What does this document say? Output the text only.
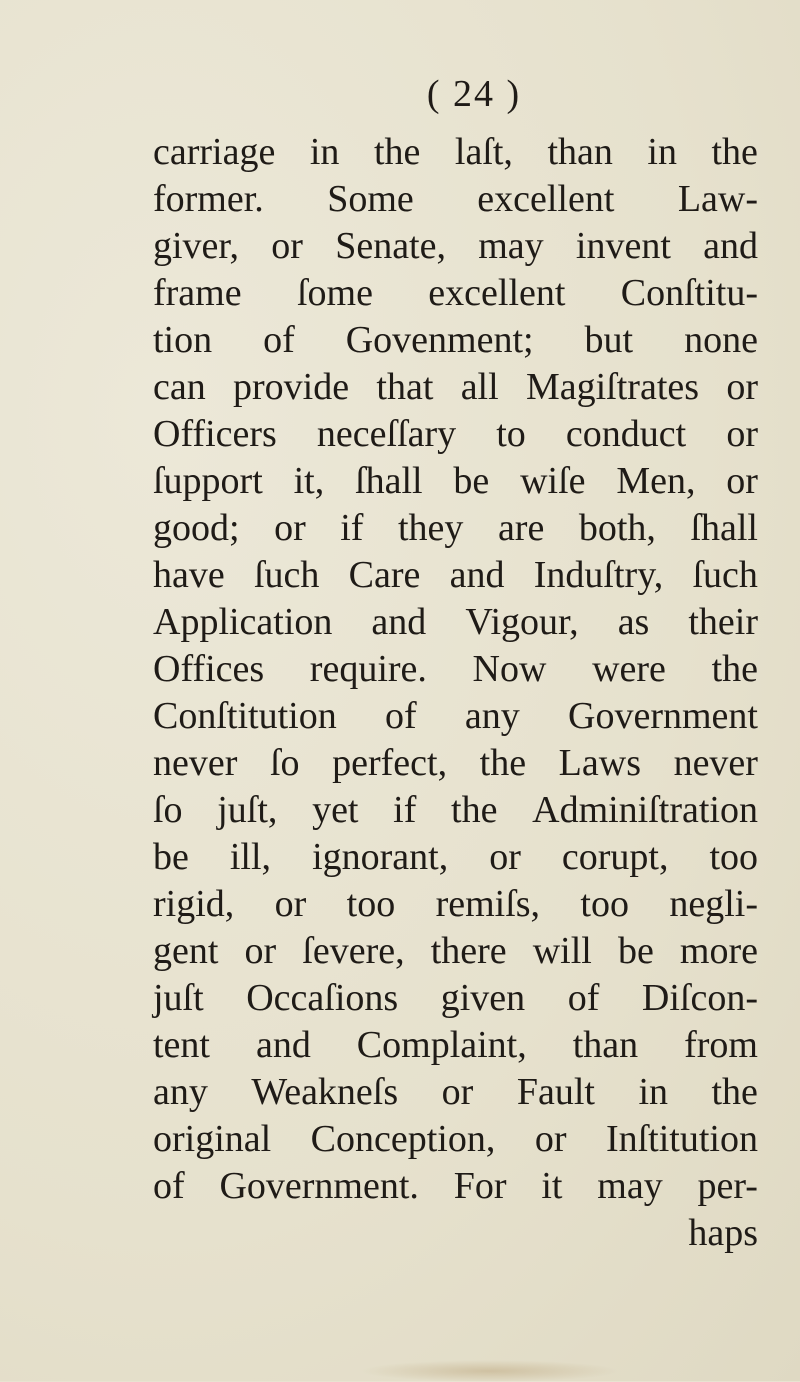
( 24 )
carriage in the laſt, than in the
former. Some excellent Law-
giver, or Senate, may invent and
frame ſome excellent Conſtitu-
tion of Govenment; but none
can provide that all Magiſtrates or
Officers neceſſary to conduct or
ſupport it, ſhall be wiſe Men, or
good; or if they are both, ſhall
have ſuch Care and Induſtry, ſuch
Application and Vigour, as their
Offices require. Now were the
Conſtitution of any Government
never ſo perfect, the Laws never
ſo juſt, yet if the Adminiſtration
be ill, ignorant, or corupt, too
rigid, or too remiſs, too negli-
gent or ſevere, there will be more
juſt Occaſions given of Diſcon-
tent and Complaint, than from
any Weakneſs or Fault in the
original Conception, or Inſtitution
of Government. For it may per-
haps
